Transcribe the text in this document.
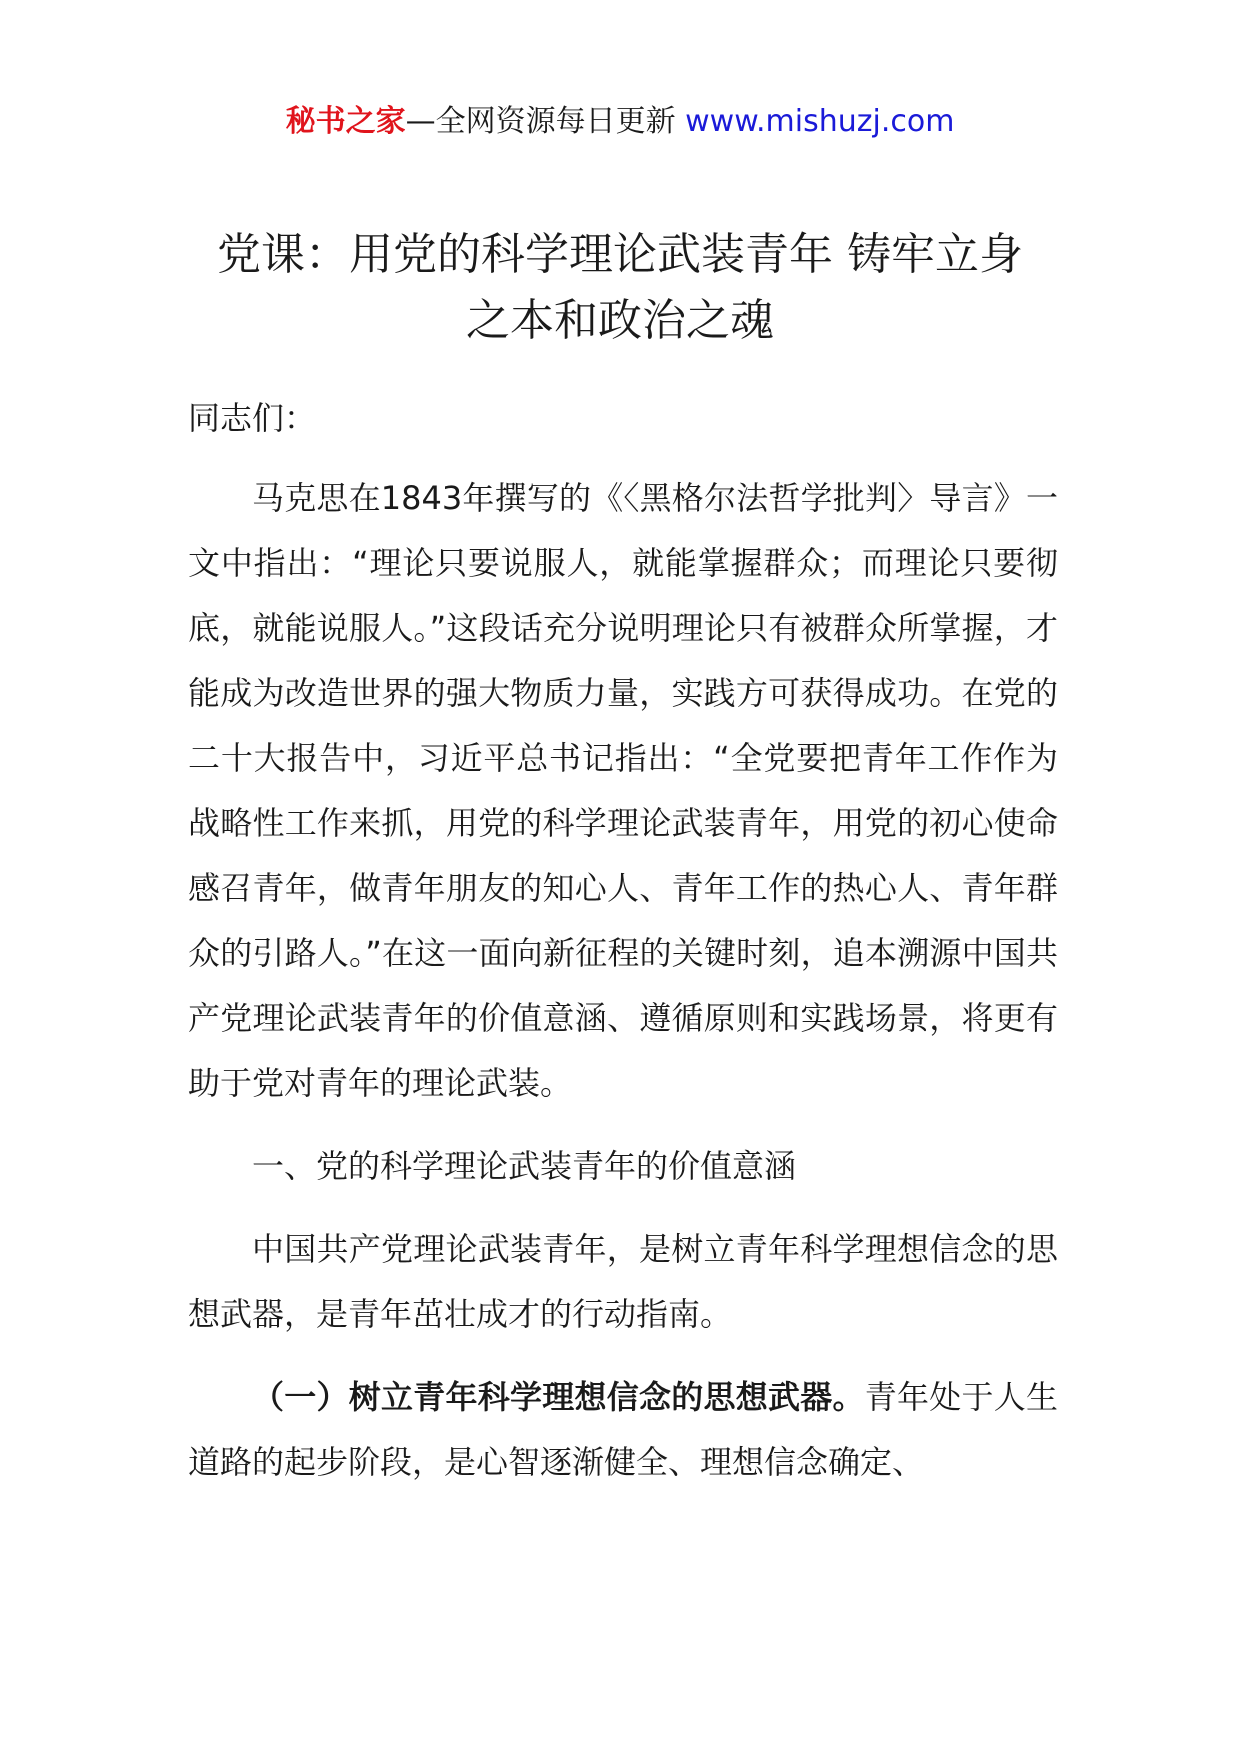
秘书之家—全网资源每日更新 www.mishuzj.com
党课：用党的科学理论武装青年 铸牢立身
之本和政治之魂

同志们：

马克思在1843年撰写的《〈黑格尔法哲学批判〉导言》一文中指出：“理论只要说服人，就能掌握群众；而理论只要彻底，就能说服人。”这段话充分说明理论只有被群众所掌握，才能成为改造世界的强大物质力量，实践方可获得成功。在党的二十大报告中，习近平总书记指出：“全党要把青年工作作为战略性工作来抓，用党的科学理论武装青年，用党的初心使命感召青年，做青年朋友的知心人、青年工作的热心人、青年群众的引路人。”在这一面向新征程的关键时刻，追本溯源中国共产党理论武装青年的价值意涵、遵循原则和实践场景，将更有助于党对青年的理论武装。

一、党的科学理论武装青年的价值意涵

中国共产党理论武装青年，是树立青年科学理想信念的思想武器，是青年茁壮成才的行动指南。

（一）树立青年科学理想信念的思想武器。青年处于人生道路的起步阶段，是心智逐渐健全、理想信念确定、
